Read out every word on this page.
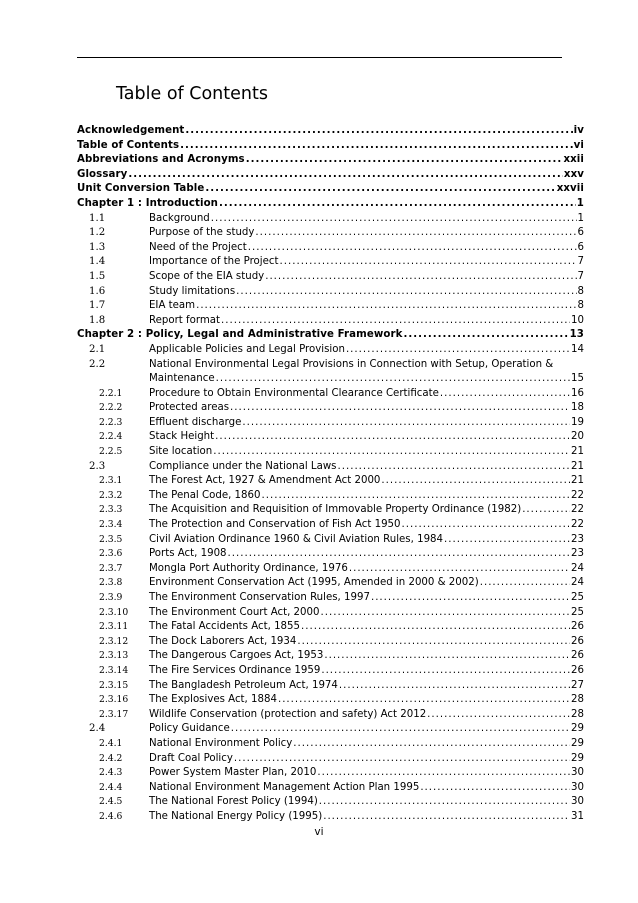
Table of Contents
Acknowledgement .....	iv
Table of Contents .....	vi
Abbreviations and Acronyms .....	xxii
Glossary .....	xxv
Unit Conversion Table .....	xxvii
Chapter 1 : Introduction .....	1
1.1	Background .....	1
1.2	Purpose of the study .....	6
1.3	Need of the Project .....	6
1.4	Importance of the Project .....	7
1.5	Scope of the EIA study .....	7
1.6	Study limitations .....	8
1.7	EIA team .....	8
1.8	Report format .....	10
Chapter 2 : Policy, Legal and Administrative Framework .....	13
2.1	Applicable Policies and Legal Provision .....	14
2.2	National Environmental Legal Provisions in Connection with Setup, Operation &
Maintenance .....	15
2.2.1	Procedure to Obtain Environmental Clearance Certificate .....	16
2.2.2	Protected areas .....	18
2.2.3	Effluent discharge .....	19
2.2.4	Stack Height .....	20
2.2.5	Site location .....	21
2.3	Compliance under the National Laws .....	21
2.3.1	The Forest Act, 1927 & Amendment Act 2000 .....	21
2.3.2	The Penal Code, 1860 .....	22
2.3.3	The Acquisition and Requisition of Immovable Property Ordinance (1982) .....	22
2.3.4	The Protection and Conservation of Fish Act 1950 .....	22
2.3.5	Civil Aviation Ordinance 1960 & Civil Aviation Rules, 1984 .....	23
2.3.6	Ports Act, 1908 .....	23
2.3.7	Mongla Port Authority Ordinance, 1976 .....	24
2.3.8	Environment Conservation Act (1995, Amended in 2000 & 2002) .....	24
2.3.9	The Environment Conservation Rules, 1997 .....	25
2.3.10 The Environment Court Act, 2000 .....	25
2.3.11 The Fatal Accidents Act, 1855 .....	26
2.3.12 The Dock Laborers Act, 1934 .....	26
2.3.13 The Dangerous Cargoes Act, 1953 .....	26
2.3.14 The Fire Services Ordinance 1959 .....	26
2.3.15 The Bangladesh Petroleum Act, 1974 .....	27
2.3.16 The Explosives Act, 1884 .....	28
2.3.17 Wildlife Conservation (protection and safety) Act 2012 .....	28
2.4	Policy Guidance .....	29
2.4.1	National Environment Policy .....	29
2.4.2	Draft Coal Policy .....	29
2.4.3	Power System Master Plan, 2010 .....	30
2.4.4	National Environment Management Action Plan 1995 .....	30
2.4.5	The National Forest Policy (1994) .....	30
2.4.6	The National Energy Policy (1995) .....	31
vi
